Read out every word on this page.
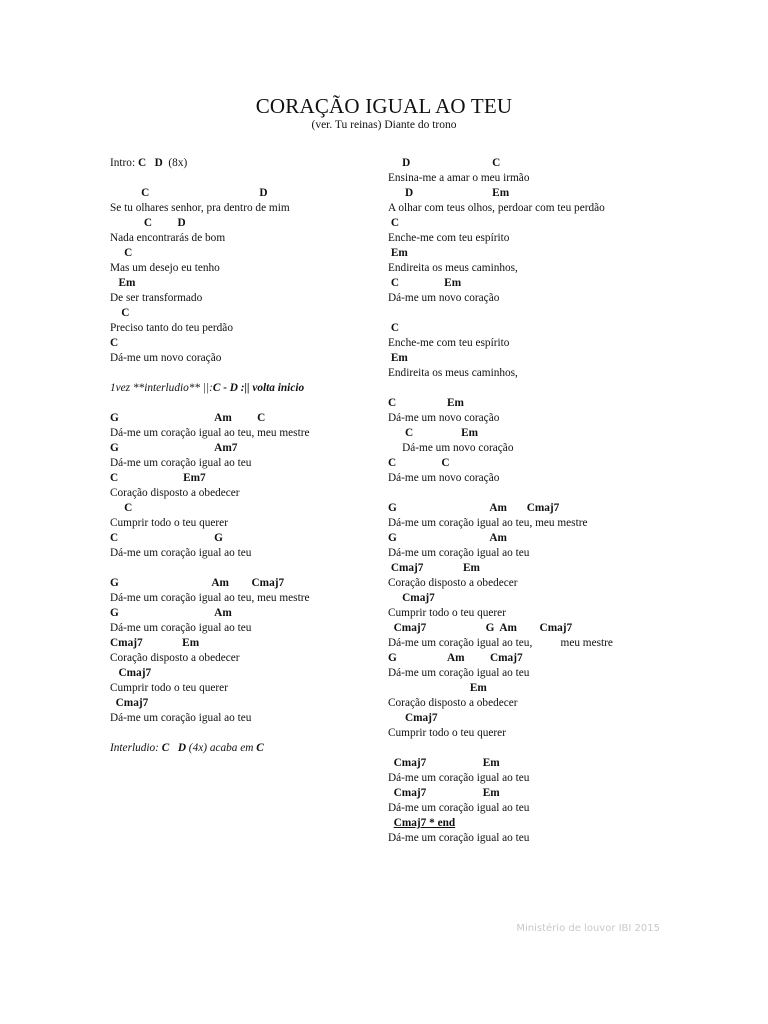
CORAÇÃO IGUAL AO TEU
(ver. Tu reinas) Diante do trono
Intro: C D  (8x)
C                                       D
Se tu olhares senhor, pra dentro de mim
C         D
Nada encontrarás de bom
C
Mas um desejo eu tenho
Em
De ser transformado
C
Preciso tanto do teu perdão
C
Dá-me um novo coração
1vez **interludio** ||:C - D :|| volta inicio
G                                  Am         C
Dá-me um coração igual ao teu, meu mestre
G                                  Am7
Dá-me um coração igual ao teu
C                       Em7
Coração disposto a obedecer
C
Cumprir todo o teu querer
C                                  G
Dá-me um coração igual ao teu
G                                 Am        Cmaj7
Dá-me um coração igual ao teu, meu mestre
G                                  Am
Dá-me um coração igual ao teu
Cmaj7              Em
Coração disposto a obedecer
Cmaj7
Cumprir todo o teu querer
Cmaj7
Dá-me um coração igual ao teu
Interludio: C D (4x) acaba em C
D                             C
Ensina-me a amar o meu irmão
D                            Em
A olhar com teus olhos, perdoar com teu perdão
C
Enche-me com teu espírito
Em
Endireita os meus caminhos,
C                Em
Dá-me um novo coração
C
Enche-me com teu espírito
Em
Endireita os meus caminhos,
C                  Em
Dá-me um novo coração
C                 Em
Dá-me um novo coração
C                C
Dá-me um novo coração
G                                 Am       Cmaj7
Dá-me um coração igual ao teu, meu mestre
G                                 Am
Dá-me um coração igual ao teu
Cmaj7              Em
Coração disposto a obedecer
Cmaj7
Cumprir todo o teu querer
Cmaj7                     G  Am        Cmaj7
Dá-me um coração igual ao teu,          meu mestre
G                  Am         Cmaj7
Dá-me um coração igual ao teu
Em
Coração disposto a obedecer
Cmaj7
Cumprir todo o teu querer
Cmaj7                    Em
Dá-me um coração igual ao teu
Cmaj7                    Em
Dá-me um coração igual ao teu
Cmaj7 * end
Dá-me um coração igual ao teu
Ministério de louvor IBI 2015
